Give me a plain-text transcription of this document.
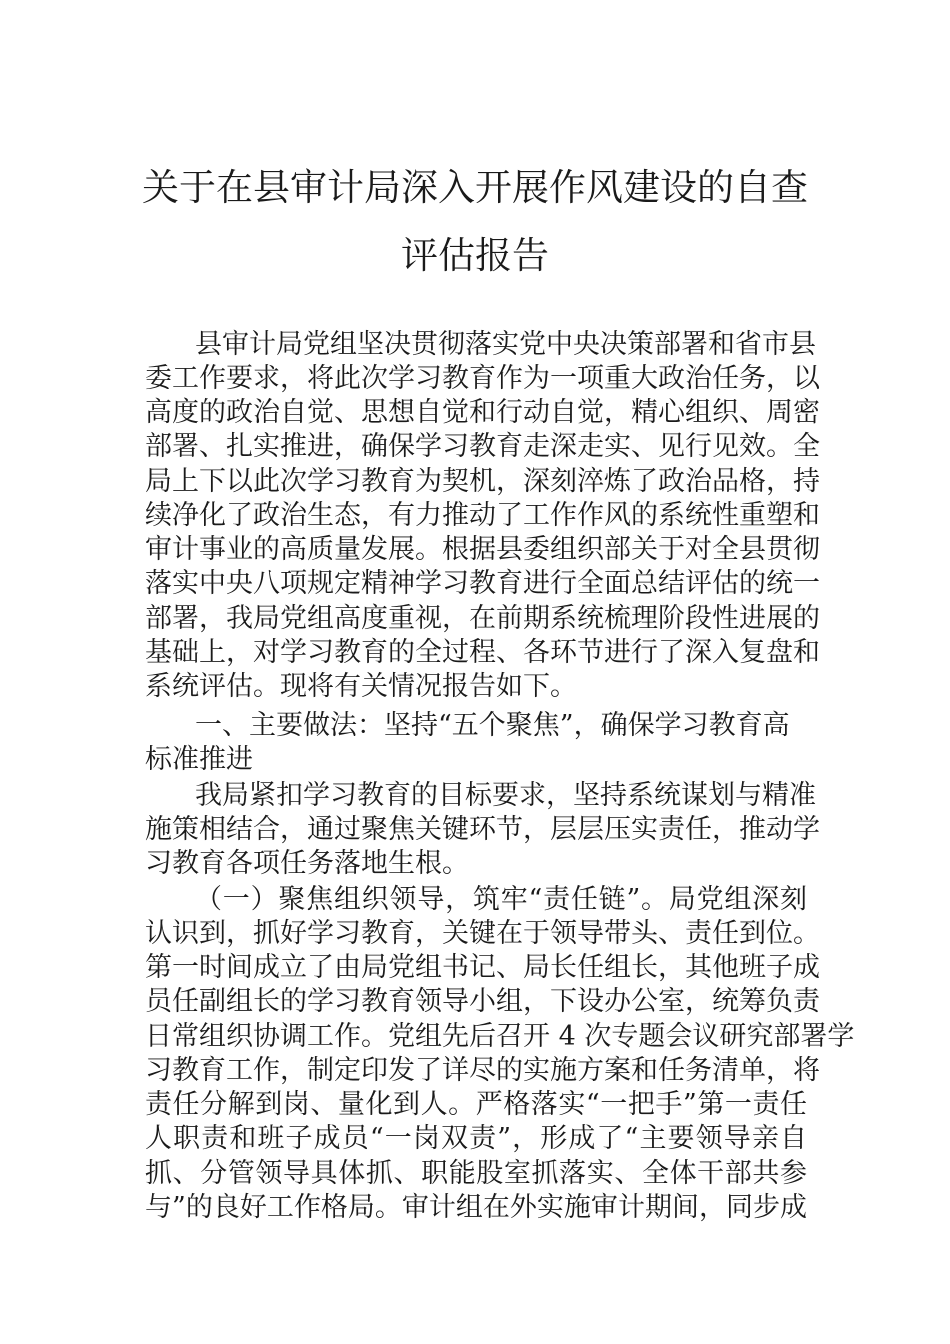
关于在县审计局深入开展作风建设的自查
评估报告
县审计局党组坚决贯彻落实党中央决策部署和省市县
委工作要求，将此次学习教育作为一项重大政治任务，以
高度的政治自觉、思想自觉和行动自觉，精心组织、周密
部署、扎实推进，确保学习教育走深走实、见行见效。全
局上下以此次学习教育为契机，深刻淬炼了政治品格，持
续净化了政治生态，有力推动了工作作风的系统性重塑和
审计事业的高质量发展。根据县委组织部关于对全县贯彻
落实中央八项规定精神学习教育进行全面总结评估的统一
部署，我局党组高度重视，在前期系统梳理阶段性进展的
基础上，对学习教育的全过程、各环节进行了深入复盘和
系统评估。现将有关情况报告如下。
一、主要做法：坚持“五个聚焦”，确保学习教育高
标准推进
我局紧扣学习教育的目标要求，坚持系统谋划与精准
施策相结合，通过聚焦关键环节，层层压实责任，推动学
习教育各项任务落地生根。
（一）聚焦组织领导，筑牢“责任链”。局党组深刻
认识到，抓好学习教育，关键在于领导带头、责任到位。
第一时间成立了由局党组书记、局长任组长，其他班子成
员任副组长的学习教育领导小组，下设办公室，统筹负责
日常组织协调工作。党组先后召开 4 次专题会议研究部署学
习教育工作，制定印发了详尽的实施方案和任务清单，将
责任分解到岗、量化到人。严格落实“一把手”第一责任
人职责和班子成员“一岗双责”，形成了“主要领导亲自
抓、分管领导具体抓、职能股室抓落实、全体干部共参
与”的良好工作格局。审计组在外实施审计期间，同步成
